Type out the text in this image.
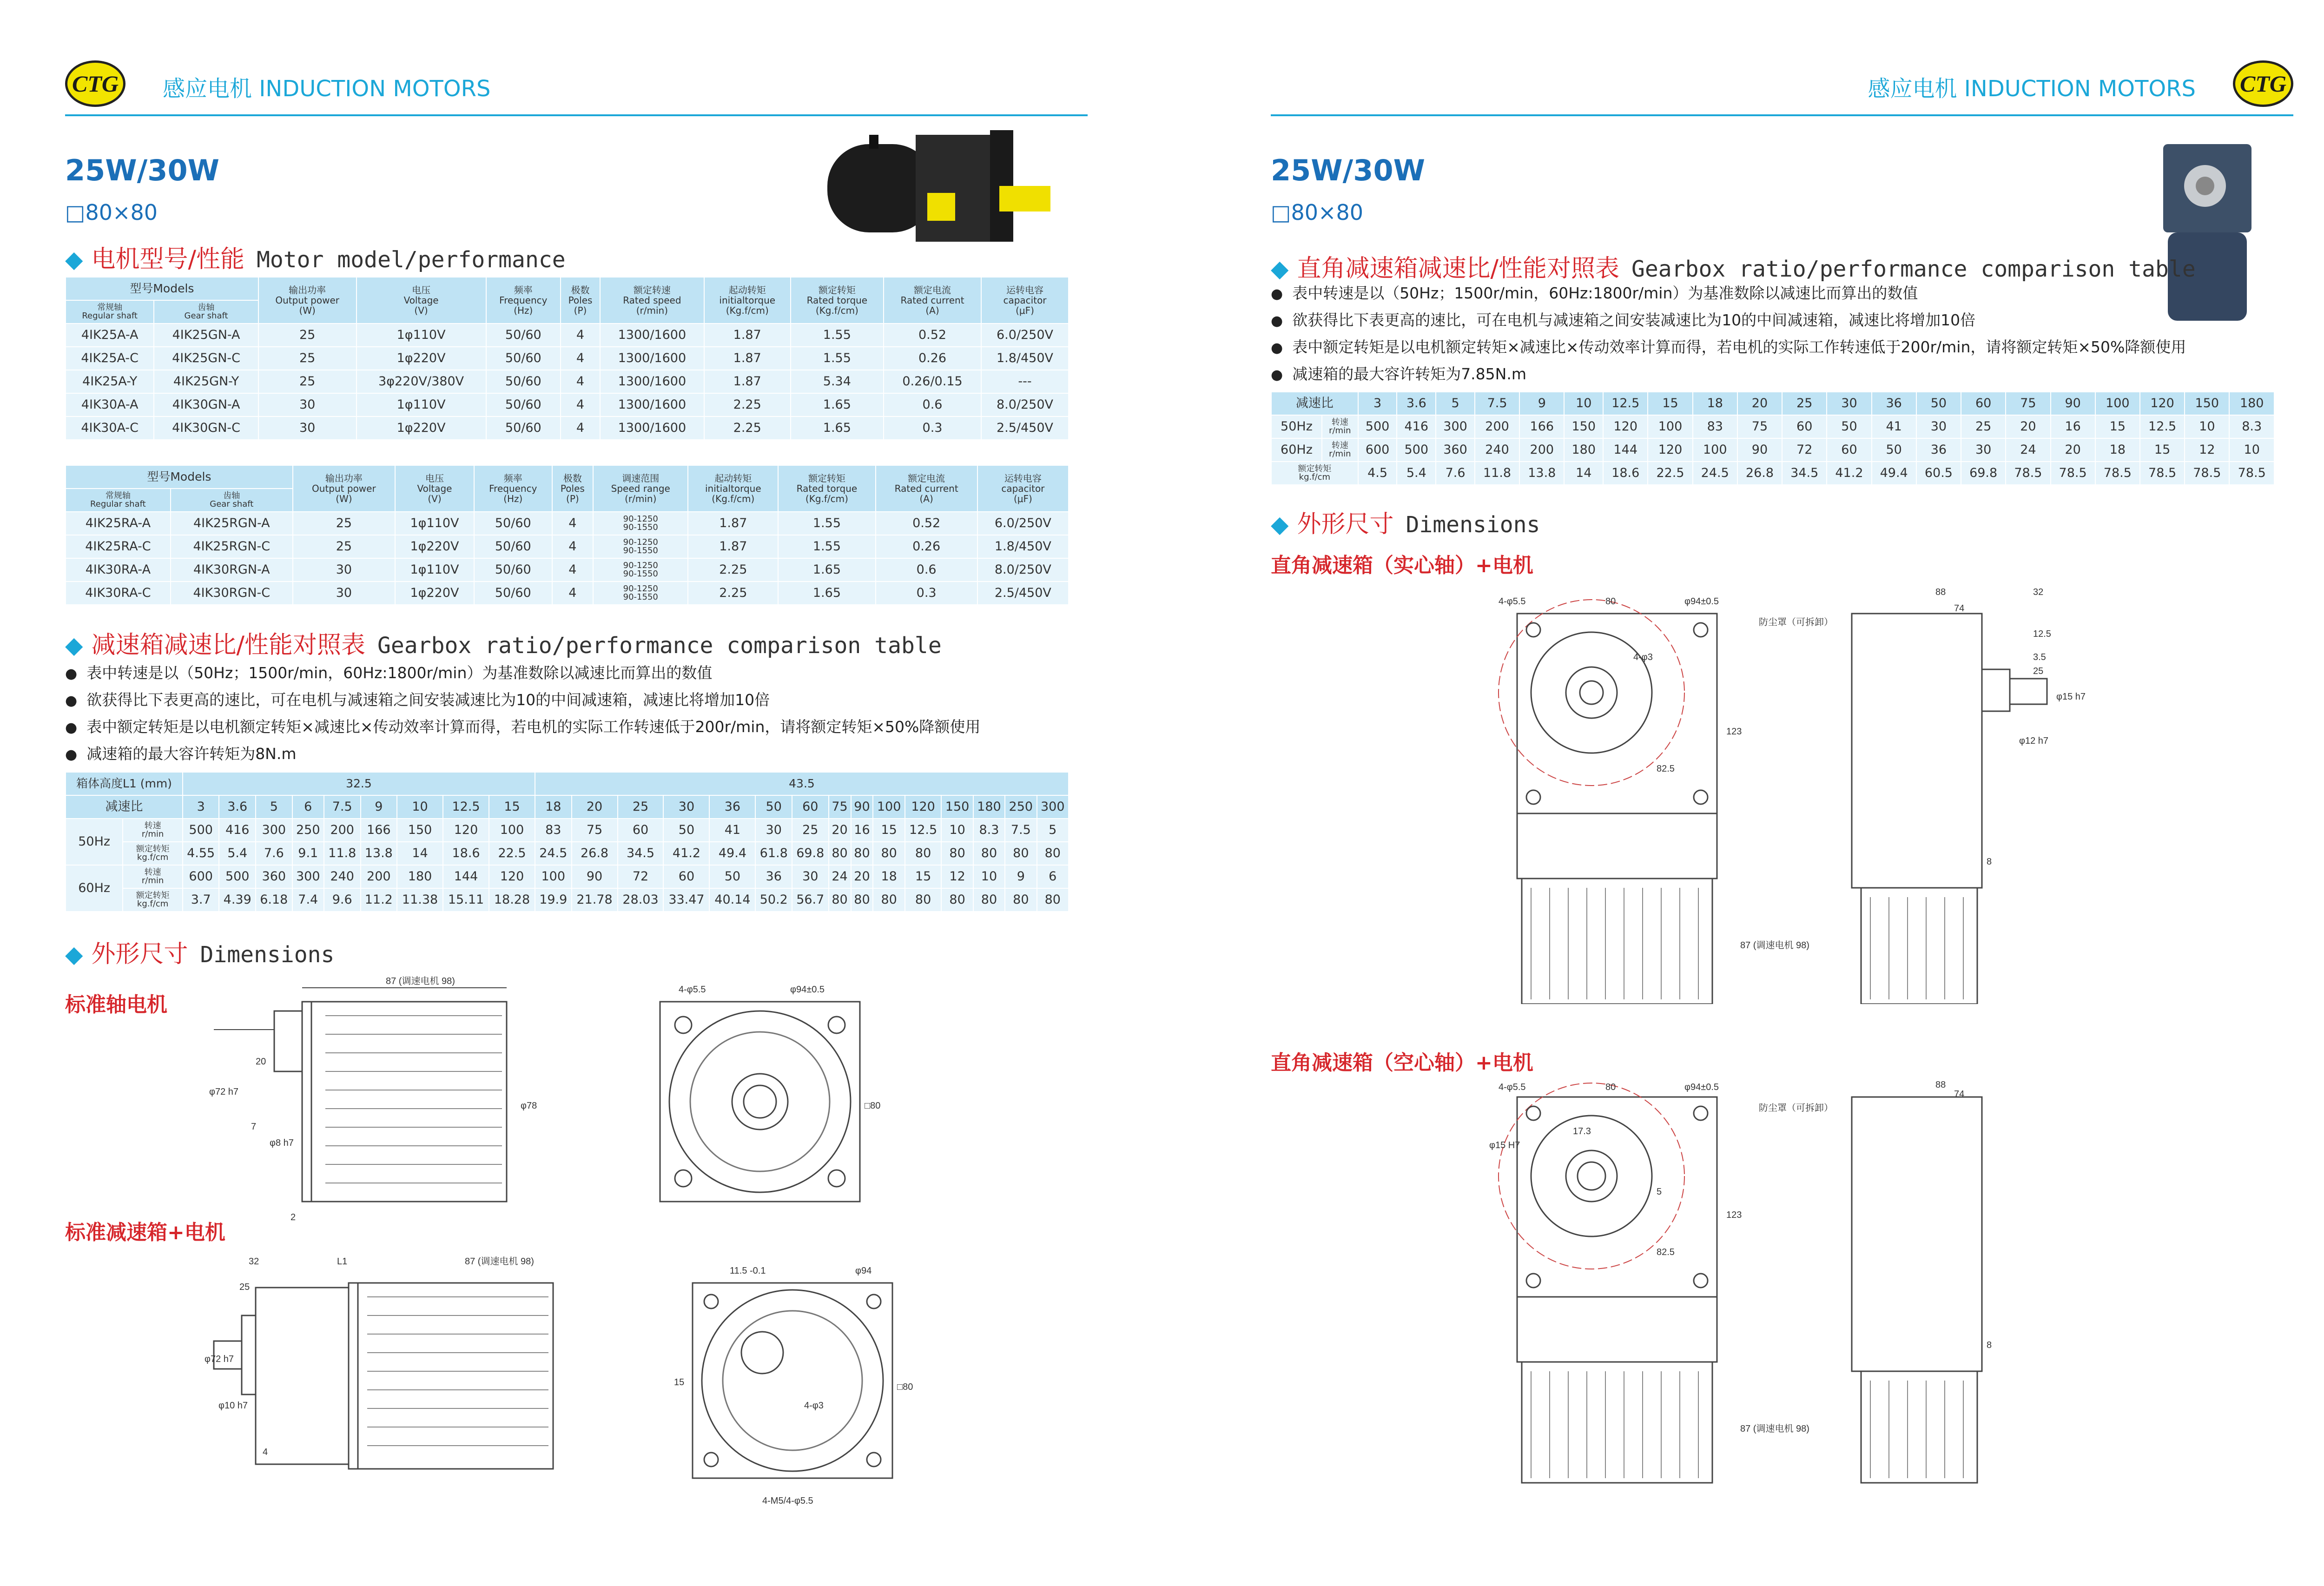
CTG	感应电机 INDUCTION MOTORS
25W/30W
□80×80
◆ 电机型号/性能 Motor model/performance
型号Models		输出功率
Output power
(W)	电压
Voltage
(V)	频率
Frequency
(Hz)	极数
Poles
(P)	额定转速
Rated speed
(r/min)	起动转矩
initialtorque
(Kg.f/cm)	额定转矩
Rated torque
(Kg.f/cm)	额定电流
Rated current
(A)	运转电容
capacitor
(μF)

常规轴
Regular shaft	齿轴
Gear shaft									

4IK25A-A	4IK25GN-A	25	1φ110V	50/60	4	1300/1600	1.87	1.55	0.52	6.0/250V
4IK25A-C	4IK25GN-C	25	1φ220V	50/60	4	1300/1600	1.87	1.55	0.26	1.8/450V
4IK25A-Y	4IK25GN-Y	25	3φ220V/380V	50/60	4	1300/1600	1.87	5.34	0.26/0.15	---
4IK30A-A	4IK30GN-A	30	1φ110V	50/60	4	1300/1600	2.25	1.65	0.6	8.0/250V
4IK30A-C	4IK30GN-C	30	1φ220V	50/60	4	1300/1600	2.25	1.65	0.3	2.5/450V
型号Models		输出功率
Output power
(W)	电压
Voltage
(V)	频率
Frequency
(Hz)	极数
Poles
(P)	调速范围
Speed range
(r/min)	起动转矩
initialtorque
(Kg.f/cm)	额定转矩
Rated torque
(Kg.f/cm)	额定电流
Rated current
(A)	运转电容
capacitor
(μF)

常规轴
Regular shaft	齿轴
Gear shaft									

4IK25RA-A	4IK25RGN-A	25	1φ110V	50/60	4	90-1250
90-1550	1.87	1.55	0.52	6.0/250V
4IK25RA-C	4IK25RGN-C	25	1φ220V	50/60	4	90-1250
90-1550	1.87	1.55	0.26	1.8/450V
4IK30RA-A	4IK30RGN-A	30	1φ110V	50/60	4	90-1250
90-1550	2.25	1.65	0.6	8.0/250V
4IK30RA-C	4IK30RGN-C	30	1φ220V	50/60	4	90-1250
90-1550	2.25	1.65	0.3	2.5/450V
◆ 减速箱减速比/性能对照表 Gearbox ratio/performance comparison table
● 表中转速是以（50Hz；1500r/min，60Hz:1800r/min）为基准数除以减速比而算出的数值
● 欲获得比下表更高的速比，可在电机与减速箱之间安装减速比为10的中间减速箱，减速比将增加10倍
● 表中额定转矩是以电机额定转矩×减速比×传动效率计算而得，若电机的实际工作转速低于200r/min，请将额定转矩×50%降额使用
● 减速箱的最大容许转矩为8N.m
箱体高度L1 (mm)		32.5									43.5														
减速比		3	3.6	5	6	7.5	9	10	12.5	15	18	20	25	30	36	50	60	75	90	100	120	150	180	250	300
50Hz	转速
r/min	500	416	300	250	200	166	150	120	100	83	75	60	50	41	30	25	20	16	15	12.5	10	8.3	7.5	5

	额定转矩
kg.f/cm	4.55	5.4	7.6	9.1	11.8	13.8	14	18.6	22.5	24.5	26.8	34.5	41.2	49.4	61.8	69.8	80	80	80	80	80	80	80	80
60Hz	转速
r/min	600	500	360	300	240	200	180	144	120	100	90	72	60	50	36	30	24	20	18	15	12	10	9	6

	额定转矩
kg.f/cm	3.7	4.39	6.18	7.4	9.6	11.2	11.38	15.11	18.28	19.9	21.78	28.03	33.47	40.14	50.2	56.7	80	80	80	80	80	80	80	80
◆ 外形尺寸 Dimensions
标准轴电机
87 (调速电机 98)
20
2
7
φ72 h7
φ8 h7
φ78	□80
4-φ5.5	φ94±0.5
标准减速箱+电机
32
25
L1	87 (调速电机 98)
4
φ72 h7
φ10 h7
11.5 -0.1	φ94
15
4-M5/4-φ5.5
□80
4-φ3
感应电机 INDUCTION MOTORS	CTG
25W/30W
□80×80
◆ 直角减速箱减速比/性能对照表 Gearbox ratio/performance comparison table
● 表中转速是以（50Hz；1500r/min，60Hz:1800r/min）为基准数除以减速比而算出的数值
● 欲获得比下表更高的速比，可在电机与减速箱之间安装减速比为10的中间减速箱，减速比将增加10倍
● 表中额定转矩是以电机额定转矩×减速比×传动效率计算而得，若电机的实际工作转速低于200r/min，请将额定转矩×50%降额使用
● 减速箱的最大容许转矩为7.85N.m
减速比		3	3.6	5	7.5	9	10	12.5	15	18	20	25	30	36	50	60	75	90	100	120	150	180
50Hz	转速
r/min	500	416	300	200	166	150	120	100	83	75	60	50	41	30	25	20	16	15	12.5	10	8.3
60Hz	转速
r/min	600	500	360	240	200	180	144	120	100	90	72	60	50	36	30	24	20	18	15	12	10

额定转矩
kg.f/cm		4.5	5.4	7.6	11.8	13.8	14	18.6	22.5	24.5	26.8	34.5	41.2	49.4	60.5	69.8	78.5	78.5	78.5	78.5	78.5	78.5
◆ 外形尺寸 Dimensions
直角减速箱（实心轴）+电机
4-φ5.5	80	φ94±0.5
4-φ3
88
74
32
12.5
3.5
25
123
82.5
87 (调速电机 98)
8
φ15 h7
φ12 h7
防尘罩（可拆卸）
直角减速箱（空心轴）+电机
4-φ5.5	80	φ94±0.5
17.3
φ15 H7
88
74
123
82.5
87 (调速电机 98)
8
5
防尘罩（可拆卸）
